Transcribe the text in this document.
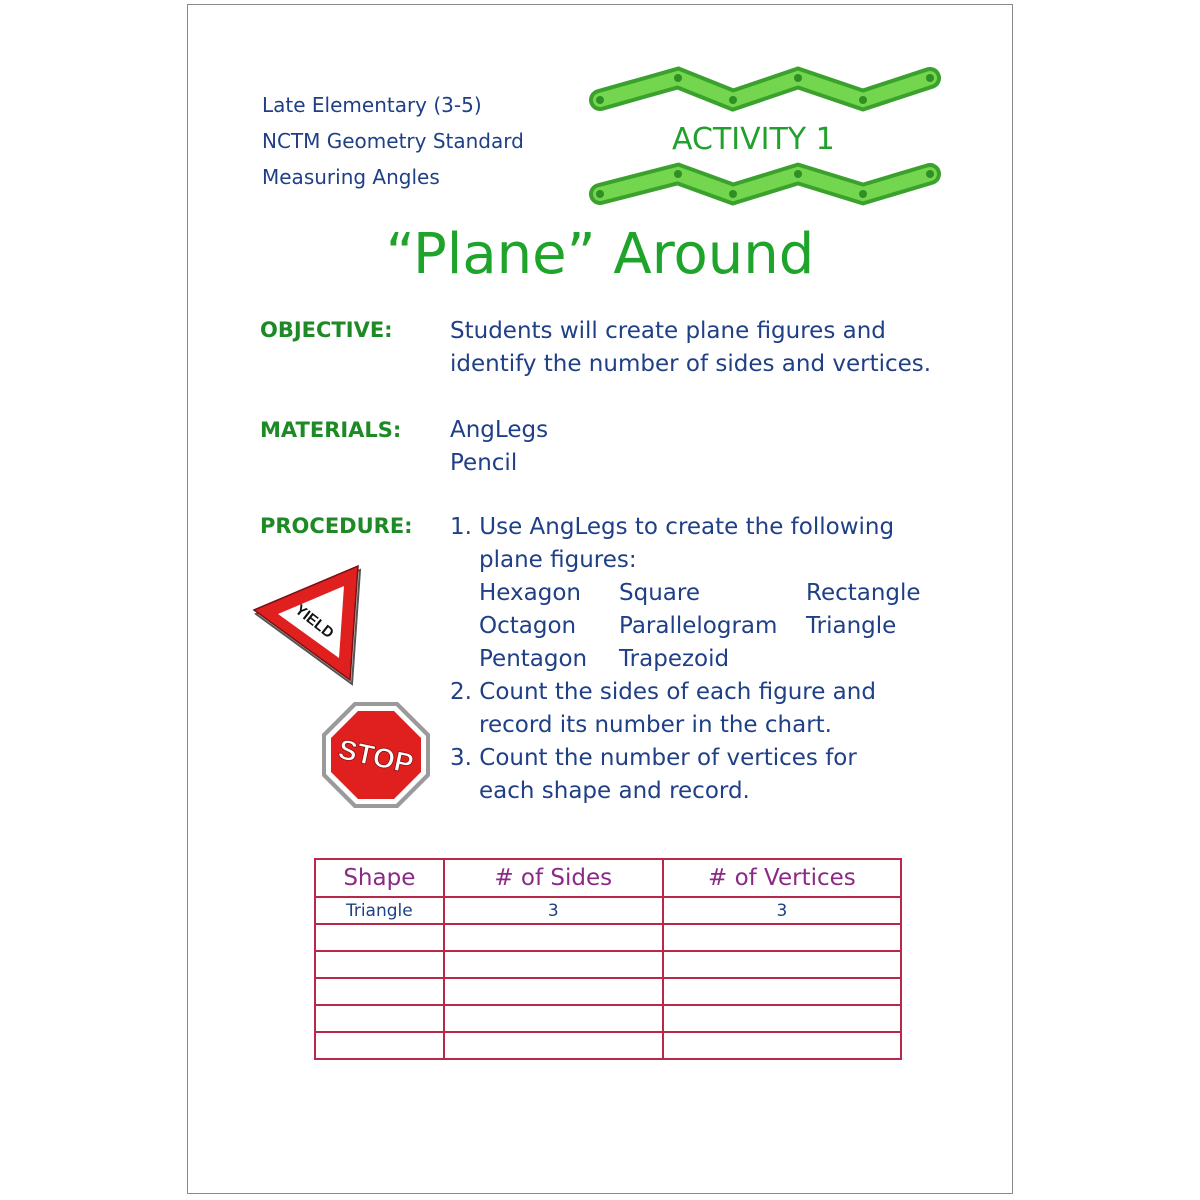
Late Elementary (3-5)
NCTM Geometry Standard
Measuring Angles
ACTIVITY 1
“Plane” Around
OBJECTIVE: Students will create plane figures and
identify the number of sides and vertices.
MATERIALS: AngLegs
Pencil
PROCEDURE: 1. Use AngLegs to create the following
plane figures:
Hexagon Square	Rectangle
Octagon Parallelogram Triangle
Pentagon Trapezoid
2. Count the sides of each figure and
record its number in the chart.
3. Count the number of vertices for
each shape and record.
YIELD
STOP
Shape	# of Sides	# of Vertices
Triangle	3	3
